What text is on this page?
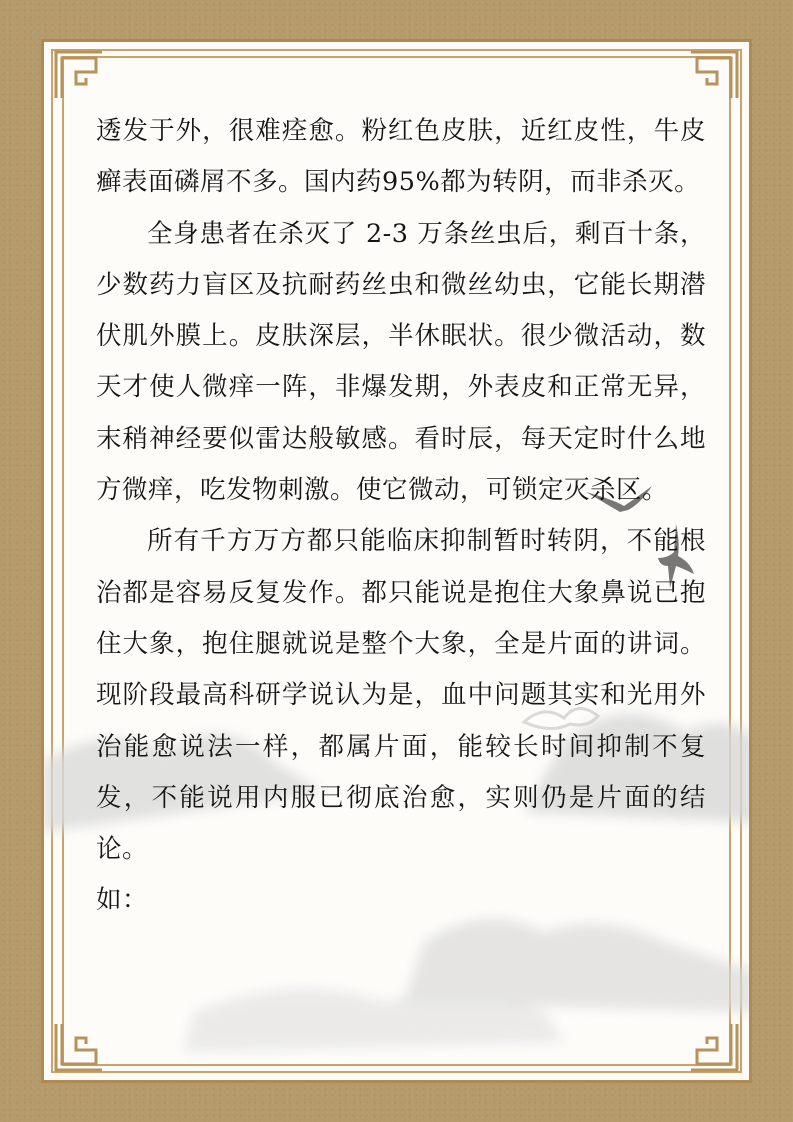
透发于外，很难痊愈。粉红色皮肤，近红皮性，牛皮癣表面磷屑不多。国内药95%都为转阴，而非杀灭。

全身患者在杀灭了 2-3 万条丝虫后，剩百十条，少数药力盲区及抗耐药丝虫和微丝幼虫，它能长期潜伏肌外膜上。皮肤深层，半休眠状。很少微活动，数天才使人微痒一阵，非爆发期，外表皮和正常无异，末稍神经要似雷达般敏感。看时辰，每天定时什么地方微痒，吃发物刺激。使它微动，可锁定灭杀区。

所有千方万方都只能临床抑制暂时转阴，不能根治都是容易反复发作。都只能说是抱住大象鼻说已抱住大象，抱住腿就说是整个大象，全是片面的讲词。现阶段最高科研学说认为是，血中问题其实和光用外治能愈说法一样，都属片面，能较长时间抑制不复发，不能说用内服已彻底治愈，实则仍是片面的结论。

如：
